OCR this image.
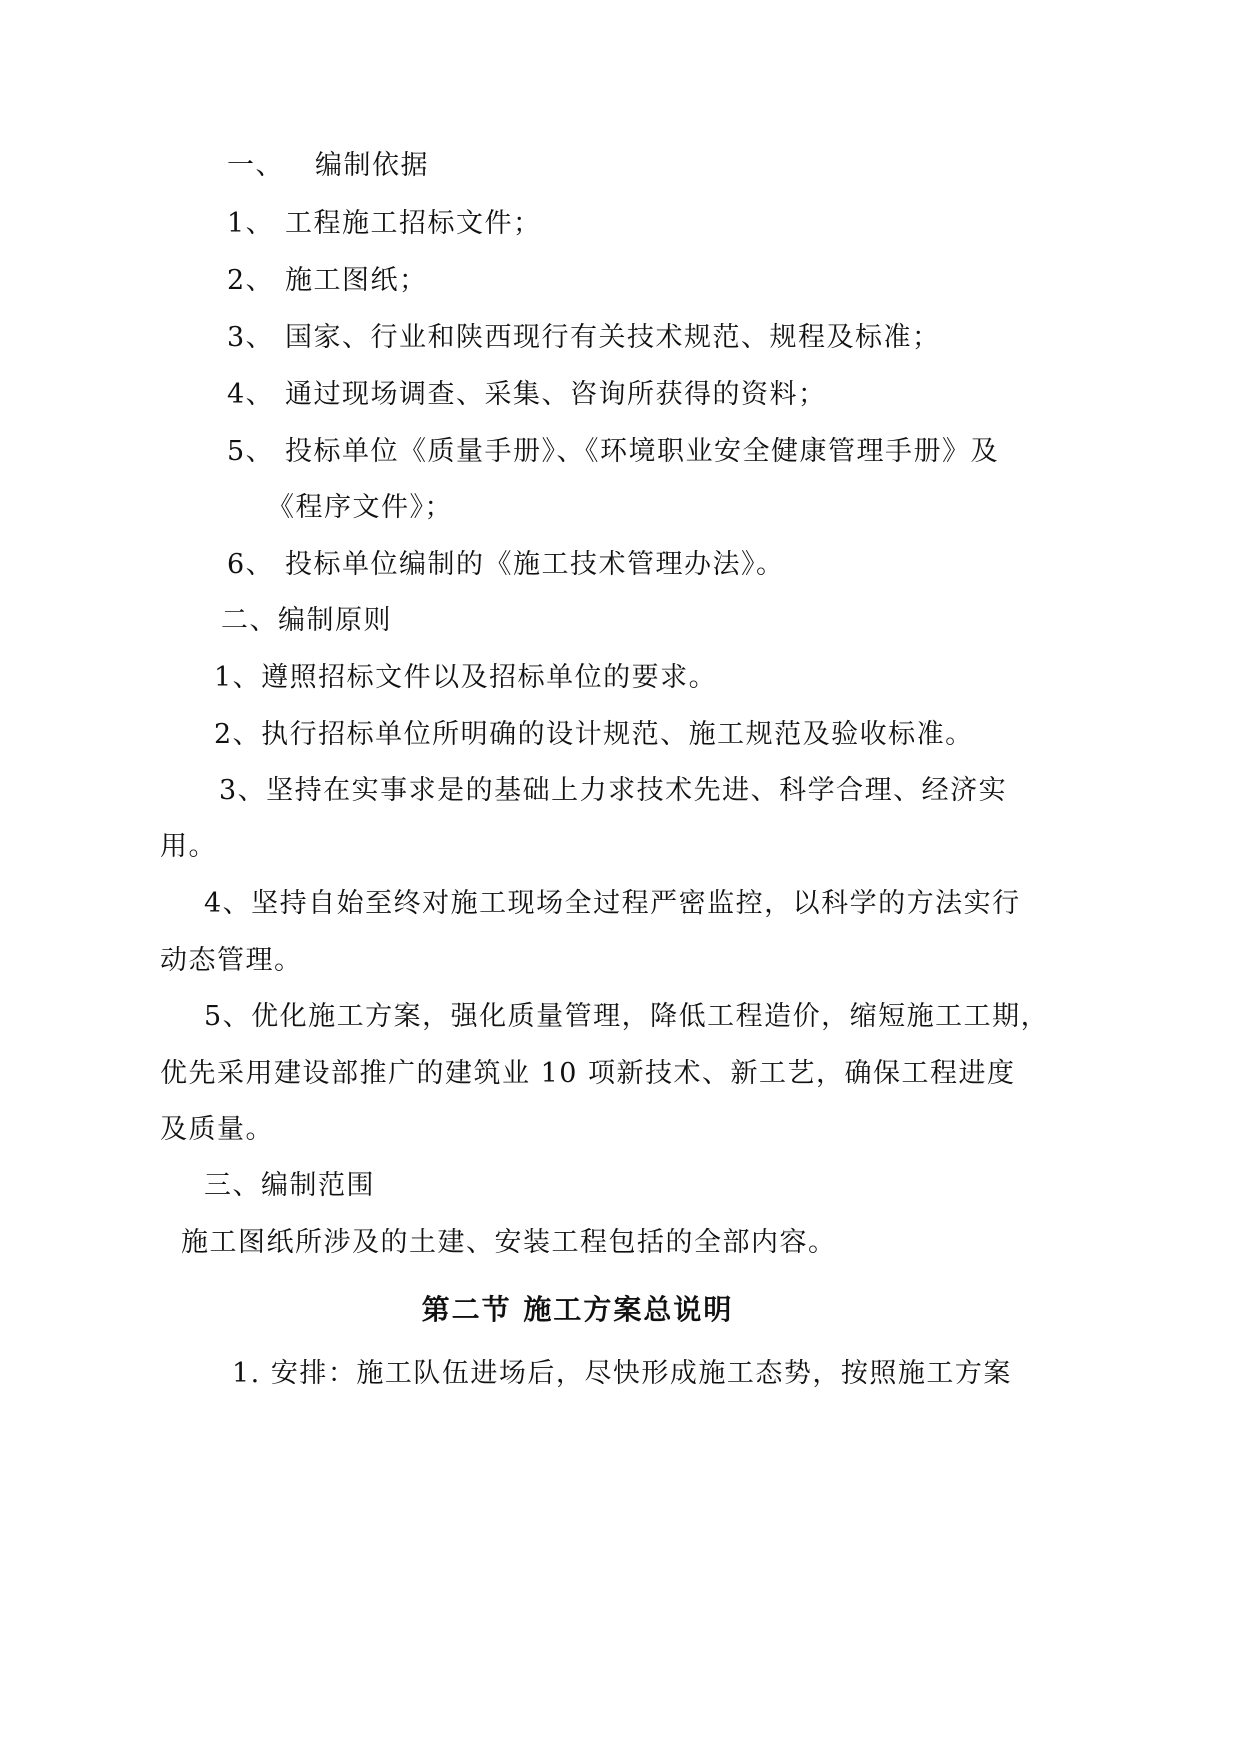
一、 编制依据
1、 工程施工招标文件；
2、 施工图纸；
3、 国家、行业和陕西现行有关技术规范、规程及标准；
4、 通过现场调查、采集、咨询所获得的资料；
5、 投标单位《质量手册》、《环境职业安全健康管理手册》及
《程序文件》；
6、 投标单位编制的《施工技术管理办法》。
二、编制原则
1、遵照招标文件以及招标单位的要求。
2、执行招标单位所明确的设计规范、施工规范及验收标准。
3、坚持在实事求是的基础上力求技术先进、科学合理、经济实
用。
4、坚持自始至终对施工现场全过程严密监控，以科学的方法实行
动态管理。
5、优化施工方案，强化质量管理，降低工程造价，缩短施工工期，
优先采用建设部推广的建筑业 10 项新技术、新工艺，确保工程进度
及质量。
三、编制范围
施工图纸所涉及的土建、安装工程包括的全部内容。
第二节 施工方案总说明
1. 安排：施工队伍进场后，尽快形成施工态势，按照施工方案
